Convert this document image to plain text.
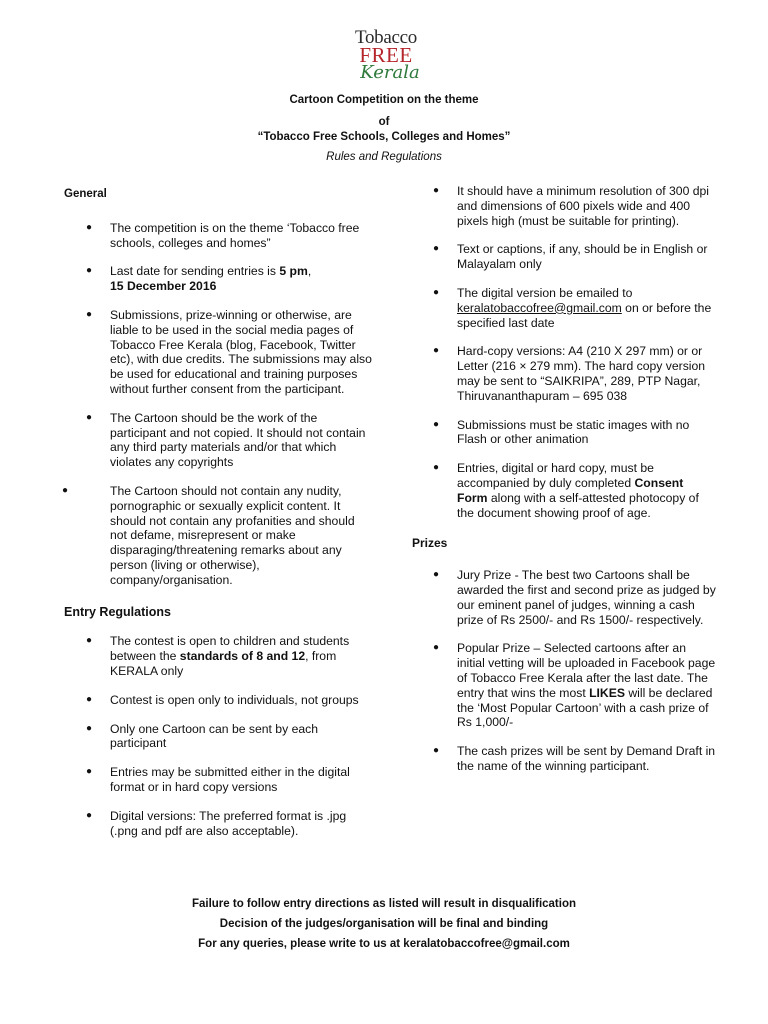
Tobacco
FREE
Kerala
Cartoon Competition on the theme
of
“Tobacco Free Schools, Colleges and Homes”
Rules and Regulations

General

● The competition is on the theme ‘Tobacco free schools, colleges and homes”
● Last date for sending entries is 5 pm,
15 December 2016
● Submissions, prize-winning or otherwise, are liable to be used in the social media pages of Tobacco Free Kerala (blog, Facebook, Twitter etc), with due credits. The submissions may also be used for educational and training purposes without further consent from the participant.
● The Cartoon should be the work of the participant and not copied. It should not contain any third party materials and/or that which violates any copyrights
●	The Cartoon should not contain any nudity, pornographic or sexually explicit content. It should not contain any profanities and should not defame, misrepresent or make disparaging/threatening remarks about any person (living or otherwise), company/organisation.

Entry Regulations

● The contest is open to children and students between the standards of 8 and 12, from KERALA only
● Contest is open only to individuals, not groups
● Only one Cartoon can be sent by each participant
● Entries may be submitted either in the digital format or in hard copy versions
● Digital versions: The preferred format is .jpg (.png and pdf are also acceptable).
● It should have a minimum resolution of 300 dpi and dimensions of 600 pixels wide and 400 pixels high (must be suitable for printing).
● Text or captions, if any, should be in English or Malayalam only
● The digital version be emailed to keralatobaccofree@gmail.com on or before the specified last date
● Hard-copy versions: A4 (210 X 297 mm) or or Letter (216 × 279 mm). The hard copy version may be sent to “SAIKRIPA”, 289, PTP Nagar, Thiruvananthapuram – 695 038
● Submissions must be static images with no Flash or other animation
● Entries, digital or hard copy, must be accompanied by duly completed Consent Form along with a self-attested photocopy of the document showing proof of age.

Prizes

● Jury Prize - The best two Cartoons shall be awarded the first and second prize as judged by our eminent panel of judges, winning a cash prize of Rs 2500/- and Rs 1500/- respectively.
● Popular Prize – Selected cartoons after an initial vetting will be uploaded in Facebook page of Tobacco Free Kerala after the last date. The entry that wins the most LIKES will be declared the ‘Most Popular Cartoon’ with a cash prize of Rs 1,000/-
● The cash prizes will be sent by Demand Draft in the name of the winning participant.
Failure to follow entry directions as listed will result in disqualification
Decision of the judges/organisation will be final and binding
For any queries, please write to us at keralatobaccofree@gmail.com
